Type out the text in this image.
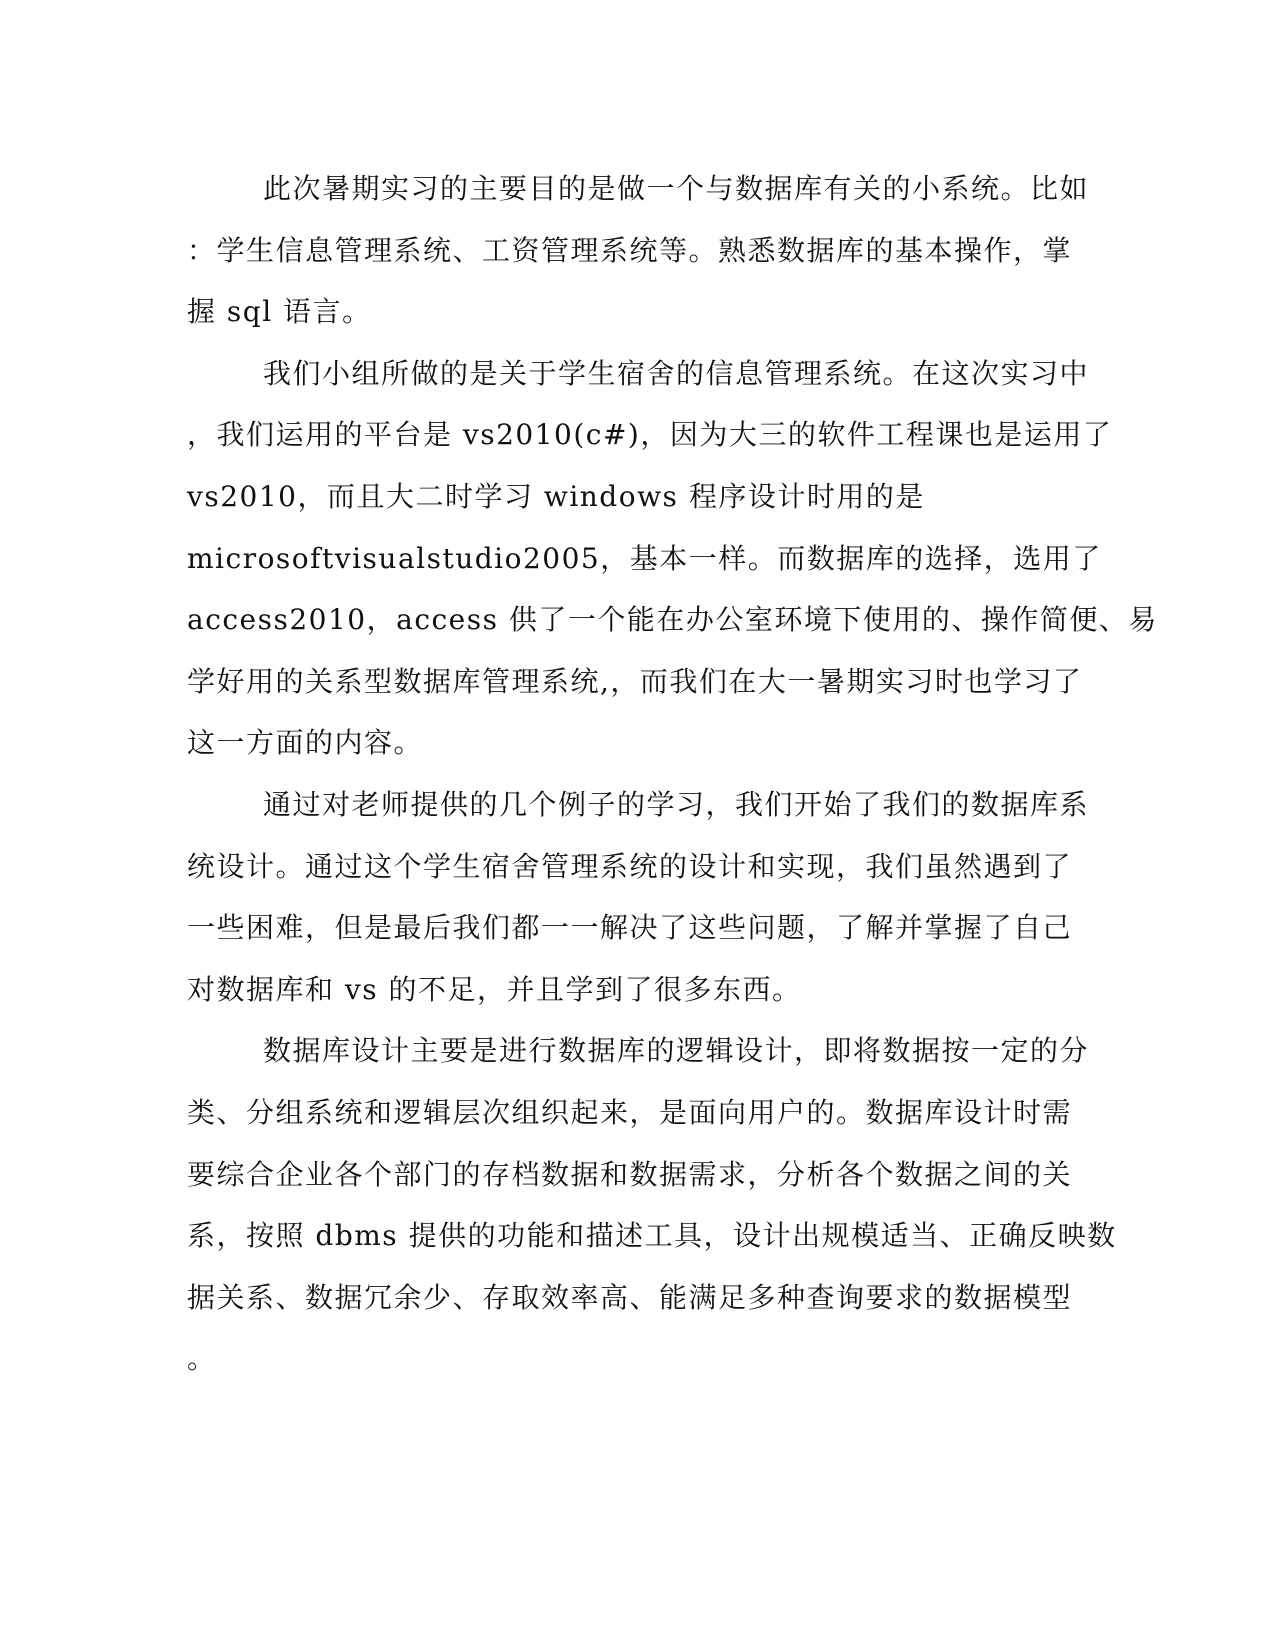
此次暑期实习的主要目的是做一个与数据库有关的小系统。比如
：学生信息管理系统、工资管理系统等。熟悉数据库的基本操作，掌
握 sql 语言。
我们小组所做的是关于学生宿舍的信息管理系统。在这次实习中
，我们运用的平台是 vs2010(c#)，因为大三的软件工程课也是运用了
vs2010，而且大二时学习 windows 程序设计时用的是
microsoftvisualstudio2005，基本一样。而数据库的选择，选用了
access2010，access 供了一个能在办公室环境下使用的、操作简便、易
学好用的关系型数据库管理系统,，而我们在大一暑期实习时也学习了
这一方面的内容。
通过对老师提供的几个例子的学习，我们开始了我们的数据库系
统设计。通过这个学生宿舍管理系统的设计和实现，我们虽然遇到了
一些困难，但是最后我们都一一解决了这些问题，了解并掌握了自己
对数据库和 vs 的不足，并且学到了很多东西。
数据库设计主要是进行数据库的逻辑设计，即将数据按一定的分
类、分组系统和逻辑层次组织起来，是面向用户的。数据库设计时需
要综合企业各个部门的存档数据和数据需求，分析各个数据之间的关
系，按照 dbms 提供的功能和描述工具，设计出规模适当、正确反映数
据关系、数据冗余少、存取效率高、能满足多种查询要求的数据模型
。
